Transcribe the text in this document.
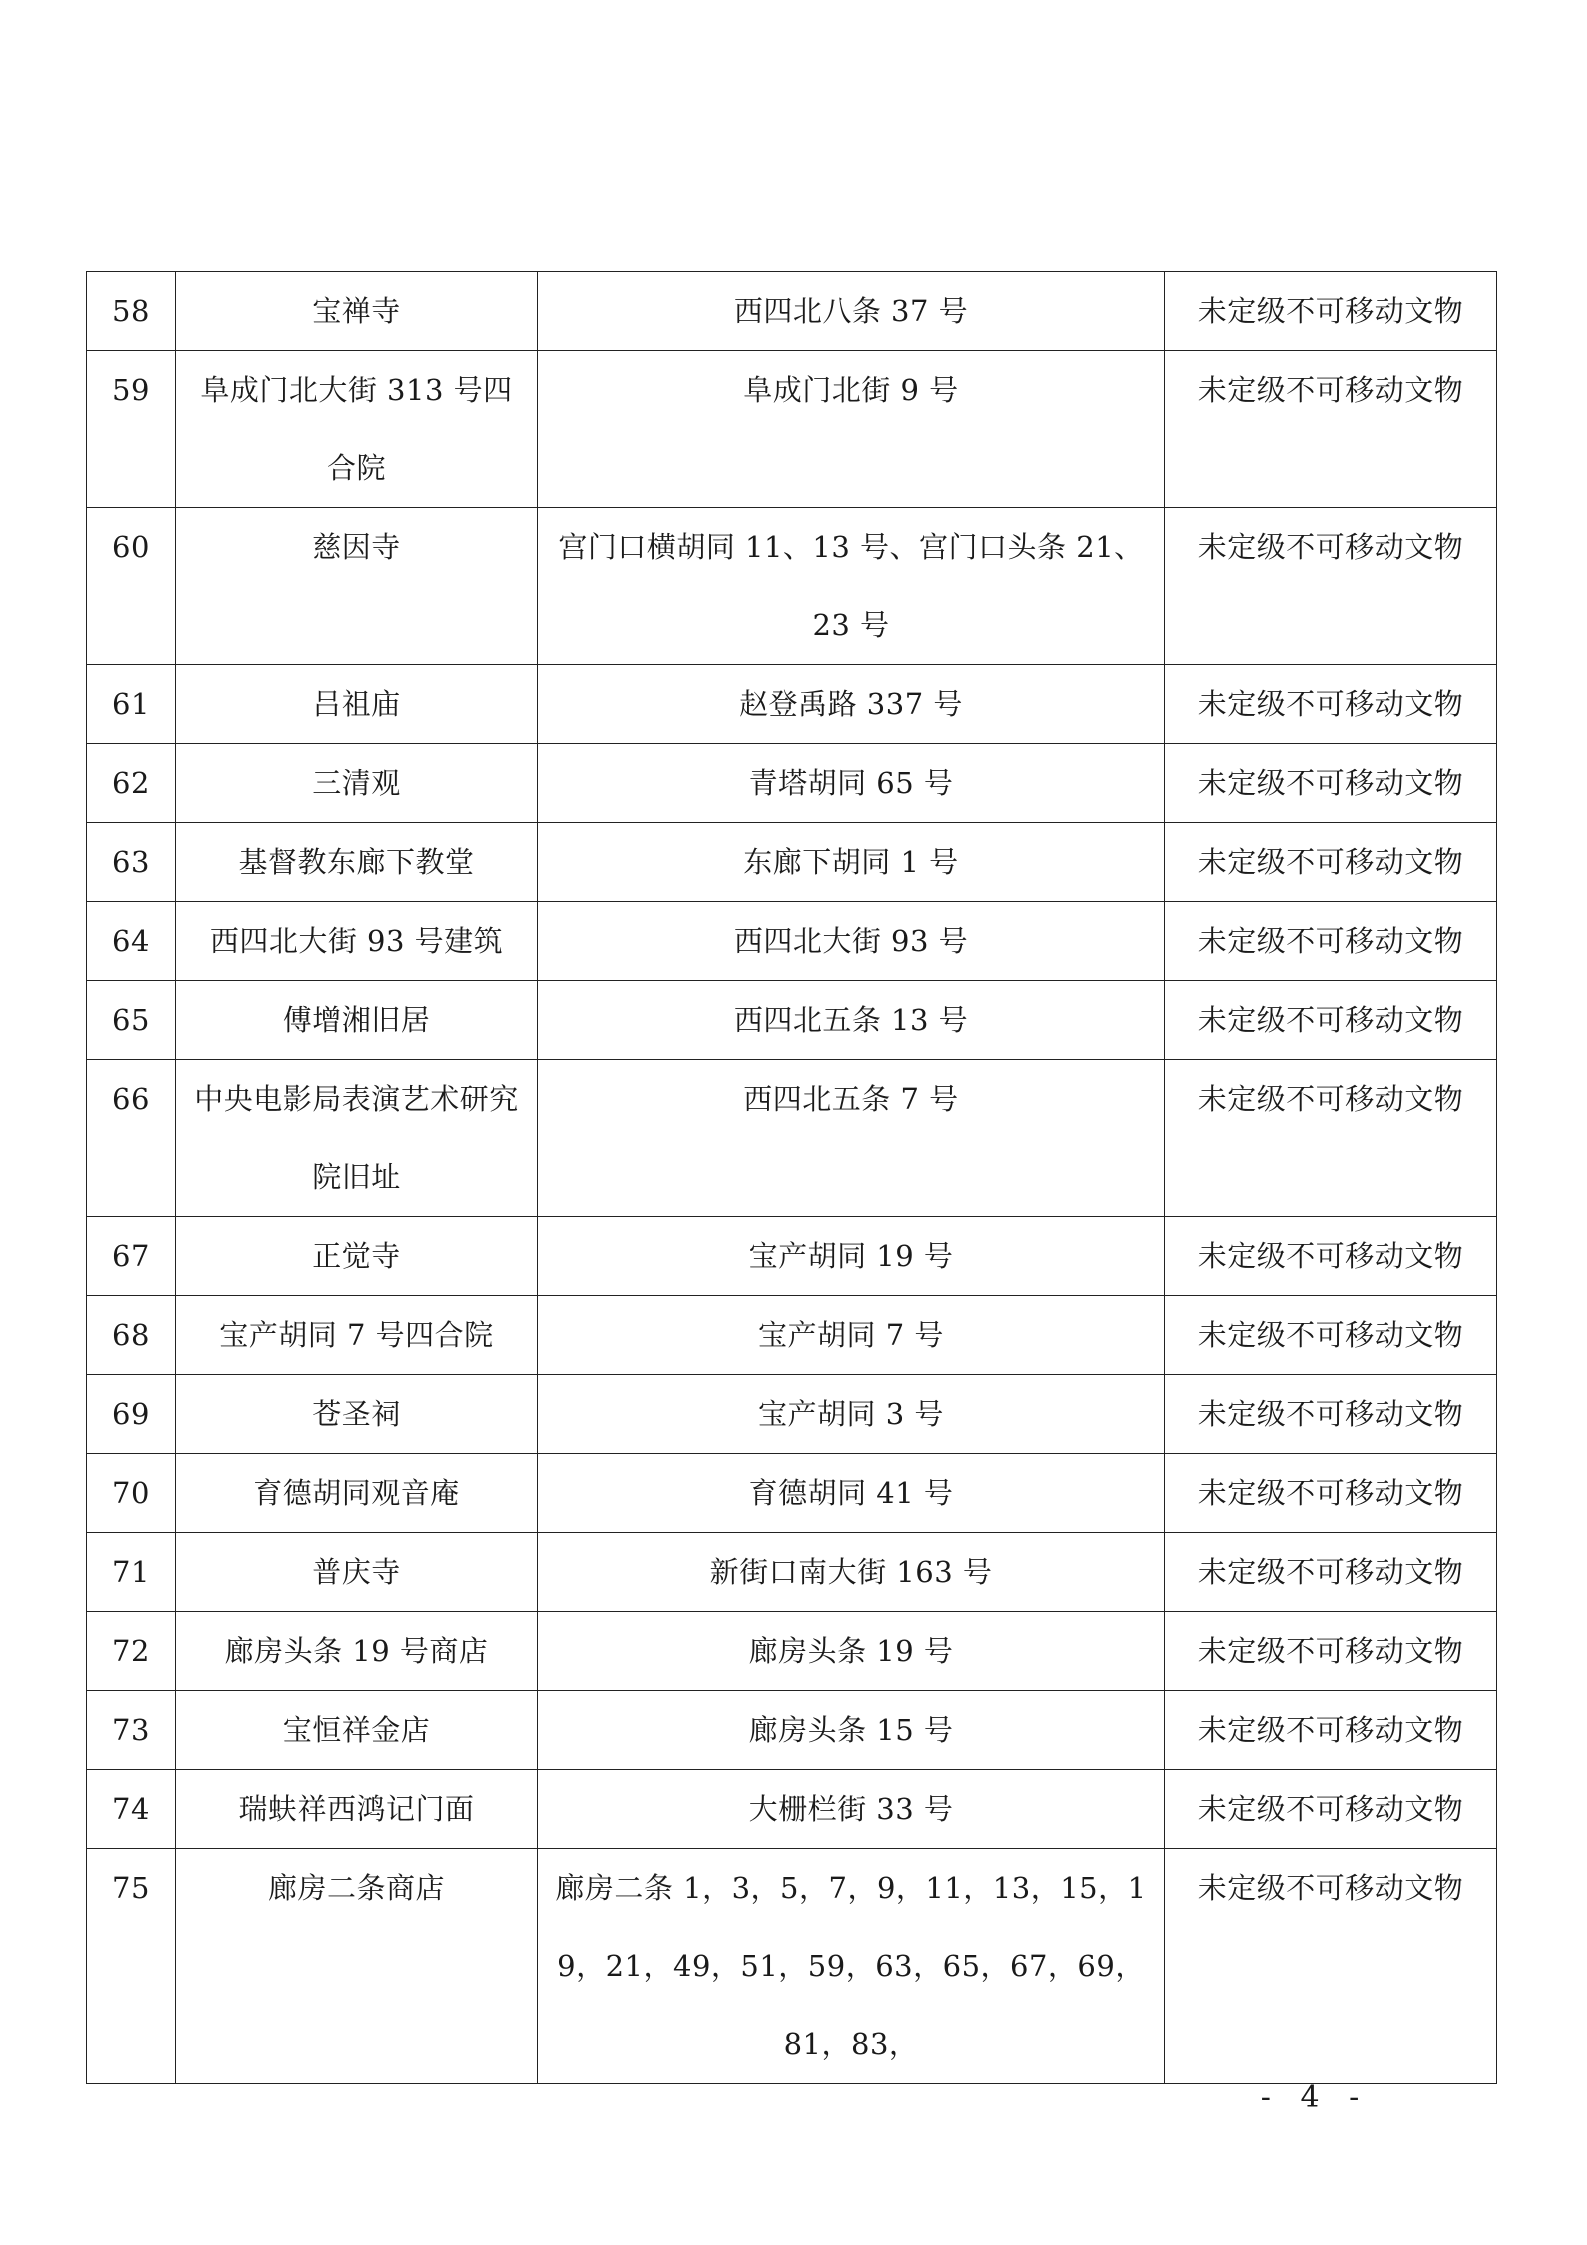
58	宝禅寺	西四北八条 37 号	未定级不可移动文物
59	阜成门北大街 313 号四合院	阜成门北街 9 号	未定级不可移动文物
60	慈因寺	宫门口横胡同 11、13 号、宫门口头条 21、23 号	未定级不可移动文物
61	吕祖庙	赵登禹路 337 号	未定级不可移动文物
62	三清观	青塔胡同 65 号	未定级不可移动文物
63	基督教东廊下教堂	东廊下胡同 1 号	未定级不可移动文物
64	西四北大街 93 号建筑	西四北大街 93 号	未定级不可移动文物
65	傅增湘旧居	西四北五条 13 号	未定级不可移动文物
66	中央电影局表演艺术研究院旧址	西四北五条 7 号	未定级不可移动文物
67	正觉寺	宝产胡同 19 号	未定级不可移动文物
68	宝产胡同 7 号四合院	宝产胡同 7 号	未定级不可移动文物
69	苍圣祠	宝产胡同 3 号	未定级不可移动文物
70	育德胡同观音庵	育德胡同 41 号	未定级不可移动文物
71	普庆寺	新街口南大街 163 号	未定级不可移动文物
72	廊房头条 19 号商店	廊房头条 19 号	未定级不可移动文物
73	宝恒祥金店	廊房头条 15 号	未定级不可移动文物
74	瑞蚨祥西鸿记门面	大栅栏街 33 号	未定级不可移动文物
75	廊房二条商店	廊房二条 1，3，5，7，9，11，13，15，19，21，49，51，59，63，65，67，69，81，83，	未定级不可移动文物
- 4 -
